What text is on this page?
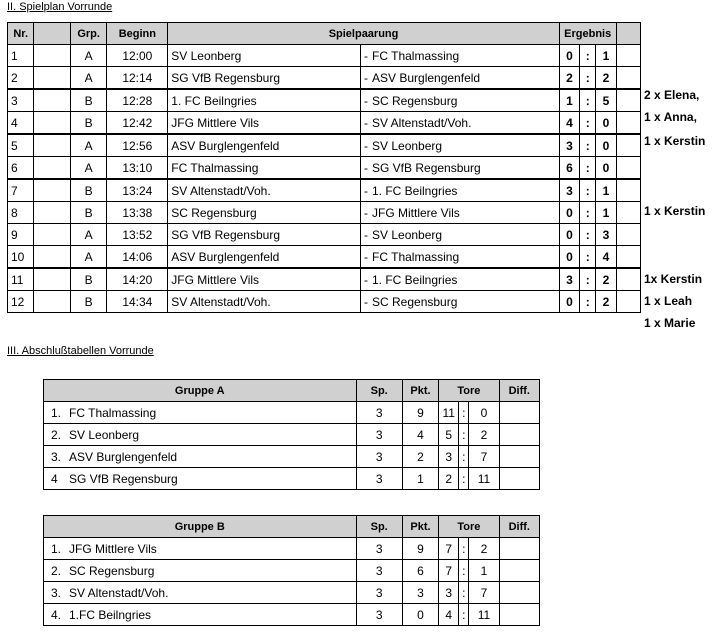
II. Spielplan Vorrunde
Nr.		Grp.	Beginn	Spielpaarung		Ergebnis			
1		A	12:00	SV Leonberg	- FC Thalmassing	0	:	1	
2		A	12:14	SG VfB Regensburg	- ASV Burglengenfeld	2	:	2	
3		B	12:28	1. FC Beilngries	- SC Regensburg	1	:	5	
4		B	12:42	JFG Mittlere Vils	- SV Altenstadt/Voh.	4	:	0	
5		A	12:56	ASV Burglengenfeld	- SV Leonberg	3	:	0	
6		A	13:10	FC Thalmassing	- SG VfB Regensburg	6	:	0	
7		B	13:24	SV Altenstadt/Voh.	- 1. FC Beilngries	3	:	1	
8		B	13:38	SC Regensburg	- JFG Mittlere Vils	0	:	1	
9		A	13:52	SG VfB Regensburg	- SV Leonberg	0	:	3	
10		A	14:06	ASV Burglengenfeld	- FC Thalmassing	0	:	4	
11		B	14:20	JFG Mittlere Vils	- 1. FC Beilngries	3	:	2	
12		B	14:34	SV Altenstadt/Voh.	- SC Regensburg	0	:	2	
2 x Elena,
1 x Anna,
1 x Kerstin
1 x Kerstin
1x Kerstin
1 x Leah
1 x Marie
III. Abschlußtabellen Vorrunde
Gruppe A	Sp.	Pkt.	Tore			Diff.
1. FC Thalmassing	3	9	11	:	0	
2. SV Leonberg	3	4	5	:	2	
3. ASV Burglengenfeld	3	2	3	:	7	
4 SG VfB Regensburg	3	1	2	:	11	
Gruppe B	Sp.	Pkt.	Tore			Diff.
1. JFG Mittlere Vils	3	9	7	:	2	
2. SC Regensburg	3	6	7	:	1	
3. SV Altenstadt/Voh.	3	3	3	:	7	
4. 1.FC Beilngries	3	0	4	:	11	
